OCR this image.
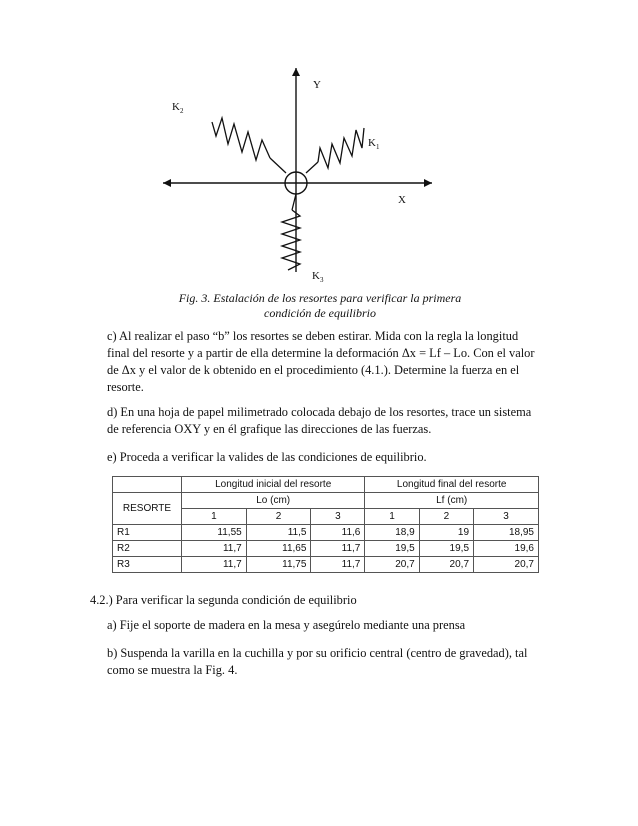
Y
X
$K_2$
$K_1$
$K_3$
Fig. 3. Estalación de los resortes para verificar la primera
condición de equilibrio
c) Al realizar el paso “b” los resortes se deben estirar. Mida con la regla la longitud
final del resorte y a partir de ella determine la deformación Δx = Lf – Lo. Con el valor
de Δx y el valor de k obtenido en el procedimiento (4.1.). Determine la fuerza en el
resorte.
d) En una hoja de papel milimetrado colocada debajo de los resortes, trace un sistema
de referencia OXY y en él grafique las direcciones de las fuerzas.
e) Proceda a verificar la valides de las condiciones de equilibrio.
	Longitud inicial del resorte			Longitud final del resorte		
RESORTE	Lo (cm)			Lf (cm)		
	1	2	3	1	2	3
R1	11,55	11,5	11,6	18,9	19	18,95
R2	11,7	11,65	11,7	19,5	19,5	19,6
R3	11,7	11,75	11,7	20,7	20,7	20,7
4.2.) Para verificar la segunda condición de equilibrio
a) Fije el soporte de madera en la mesa y asegúrelo mediante una prensa
b) Suspenda la varilla en la cuchilla y por su orificio central (centro de gravedad), tal
como se muestra la Fig. 4.
